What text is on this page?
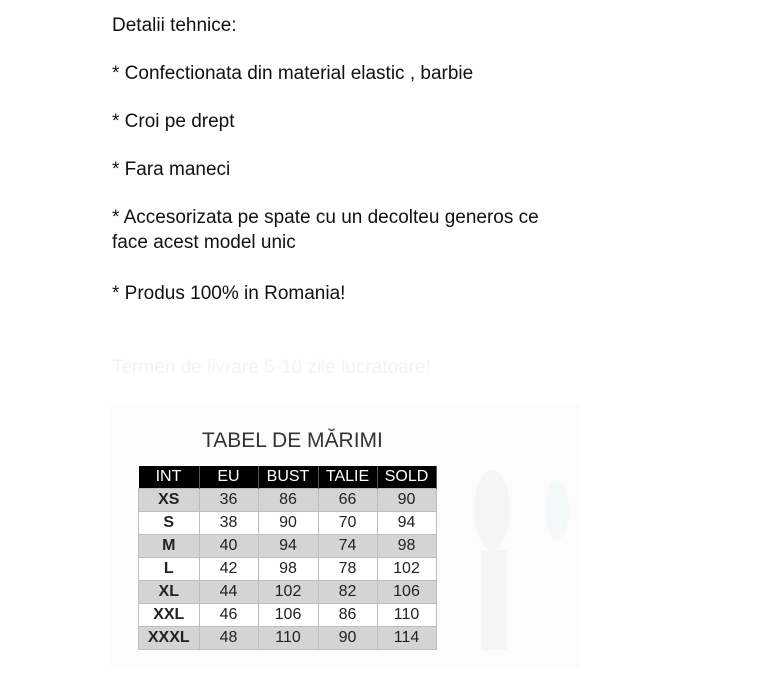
Detalii tehnice:

* Confectionata din material elastic , barbie

* Croi pe drept

* Fara maneci

* Accesorizata pe spate cu un decolteu generos ce face acest model unic

* Produs 100% in Romania!

Termen de livrare 5-10 zile lucratoare!

TABEL DE MĂRIMI
INT	EU	BUST	TALIE	SOLD
XS	36	86	66	90
S	38	90	70	94
M	40	94	74	98
L	42	98	78	102
XL	44	102	82	106
XXL	46	106	86	110
XXXL	48	110	90	114
